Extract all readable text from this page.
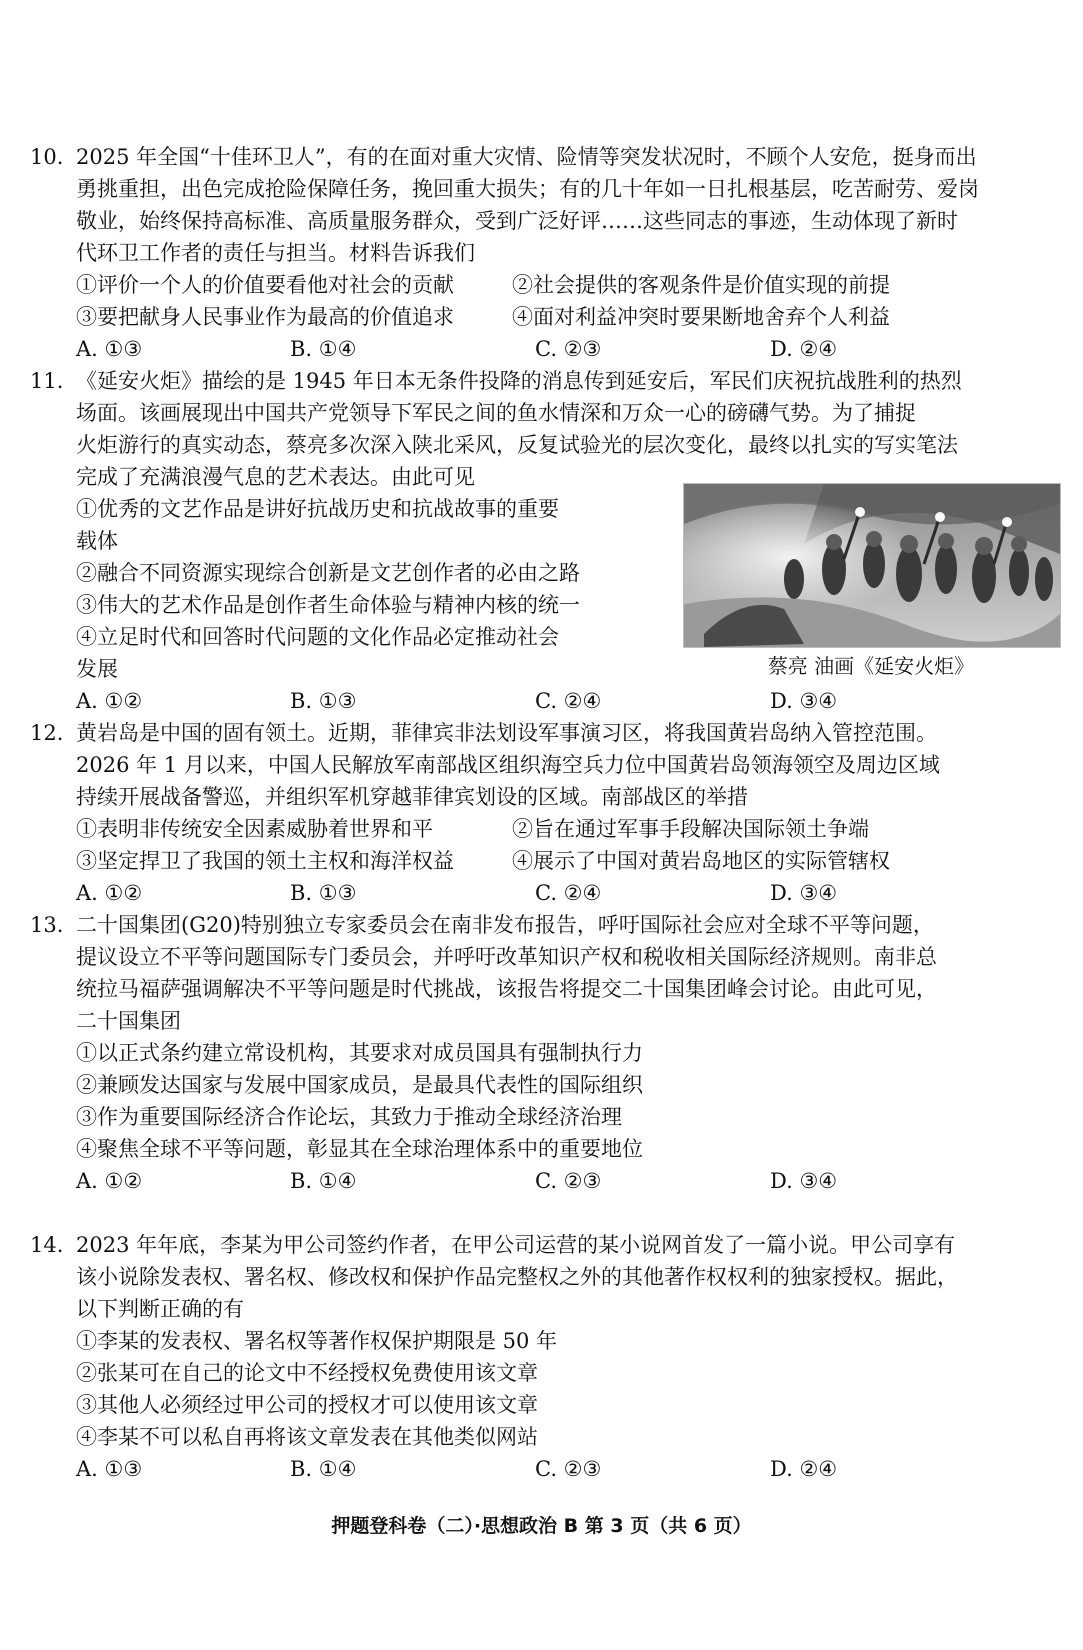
10. 2025 年全国“十佳环卫人”，有的在面对重大灾情、险情等突发状况时，不顾个人安危，挺身而出
勇挑重担，出色完成抢险保障任务，挽回重大损失；有的几十年如一日扎根基层，吃苦耐劳、爱岗
敬业，始终保持高标准、高质量服务群众，受到广泛好评……这些同志的事迹，生动体现了新时
代环卫工作者的责任与担当。材料告诉我们
①评价一个人的价值要看他对社会的贡献	②社会提供的客观条件是价值实现的前提
③要把献身人民事业作为最高的价值追求	④面对利益冲突时要果断地舍弃个人利益
A. ①③	B. ①④	C. ②③	D. ②④
11. 《延安火炬》描绘的是 1945 年日本无条件投降的消息传到延安后，军民们庆祝抗战胜利的热烈
场面。该画展现出中国共产党领导下军民之间的鱼水情深和万众一心的磅礴气势。为了捕捉
火炬游行的真实动态，蔡亮多次深入陕北采风，反复试验光的层次变化，最终以扎实的写实笔法
完成了充满浪漫气息的艺术表达。由此可见
①优秀的文艺作品是讲好抗战历史和抗战故事的重要
载体
②融合不同资源实现综合创新是文艺创作者的必由之路
③伟大的艺术作品是创作者生命体验与精神内核的统一
④立足时代和回答时代问题的文化作品必定推动社会
发展	蔡亮 油画《延安火炬》
A. ①②	B. ①③	C. ②④	D. ③④
12. 黄岩岛是中国的固有领土。近期，菲律宾非法划设军事演习区，将我国黄岩岛纳入管控范围。
2026 年 1 月以来，中国人民解放军南部战区组织海空兵力位中国黄岩岛领海领空及周边区域
持续开展战备警巡，并组织军机穿越菲律宾划设的区域。南部战区的举措
①表明非传统安全因素威胁着世界和平	②旨在通过军事手段解决国际领土争端
③坚定捍卫了我国的领土主权和海洋权益	④展示了中国对黄岩岛地区的实际管辖权
A. ①②	B. ①③	C. ②④	D. ③④
13. 二十国集团(G20)特别独立专家委员会在南非发布报告，呼吁国际社会应对全球不平等问题，
提议设立不平等问题国际专门委员会，并呼吁改革知识产权和税收相关国际经济规则。南非总
统拉马福萨强调解决不平等问题是时代挑战，该报告将提交二十国集团峰会讨论。由此可见，
二十国集团
①以正式条约建立常设机构，其要求对成员国具有强制执行力
②兼顾发达国家与发展中国家成员，是最具代表性的国际组织
③作为重要国际经济合作论坛，其致力于推动全球经济治理
④聚焦全球不平等问题，彰显其在全球治理体系中的重要地位
A. ①②	B. ①④	C. ②③	D. ③④
14. 2023 年年底，李某为甲公司签约作者，在甲公司运营的某小说网首发了一篇小说。甲公司享有
该小说除发表权、署名权、修改权和保护作品完整权之外的其他著作权权利的独家授权。据此，
以下判断正确的有
①李某的发表权、署名权等著作权保护期限是 50 年
②张某可在自己的论文中不经授权免费使用该文章
③其他人必须经过甲公司的授权才可以使用该文章
④李某不可以私自再将该文章发表在其他类似网站
A. ①③	B. ①④	C. ②③	D. ②④
押题登科卷（二）·思想政治 B 第 3 页（共 6 页）
